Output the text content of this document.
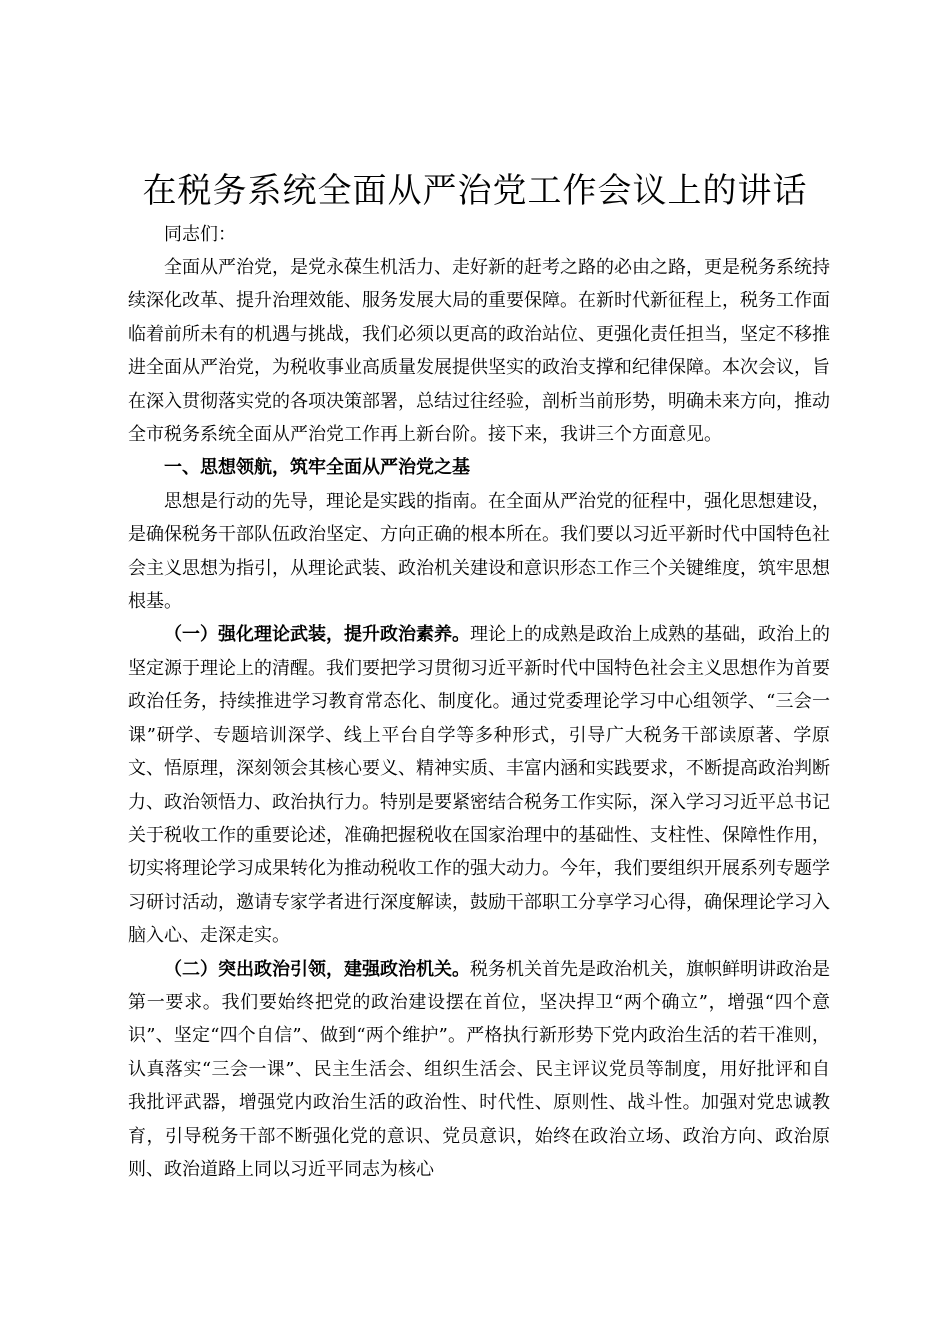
在税务系统全面从严治党工作会议上的讲话

同志们：

全面从严治党，是党永葆生机活力、走好新的赶考之路的必由之路，更是税务系统持续深化改革、提升治理效能、服务发展大局的重要保障。在新时代新征程上，税务工作面临着前所未有的机遇与挑战，我们必须以更高的政治站位、更强化责任担当，坚定不移推进全面从严治党，为税收事业高质量发展提供坚实的政治支撑和纪律保障。本次会议，旨在深入贯彻落实党的各项决策部署，总结过往经验，剖析当前形势，明确未来方向，推动全市税务系统全面从严治党工作再上新台阶。接下来，我讲三个方面意见。

一、思想领航，筑牢全面从严治党之基

思想是行动的先导，理论是实践的指南。在全面从严治党的征程中，强化思想建设，是确保税务干部队伍政治坚定、方向正确的根本所在。我们要以习近平新时代中国特色社会主义思想为指引，从理论武装、政治机关建设和意识形态工作三个关键维度，筑牢思想根基。

（一）强化理论武装，提升政治素养。理论上的成熟是政治上成熟的基础，政治上的坚定源于理论上的清醒。我们要把学习贯彻习近平新时代中国特色社会主义思想作为首要政治任务，持续推进学习教育常态化、制度化。通过党委理论学习中心组领学、“三会一课”研学、专题培训深学、线上平台自学等多种形式，引导广大税务干部读原著、学原文、悟原理，深刻领会其核心要义、精神实质、丰富内涵和实践要求，不断提高政治判断力、政治领悟力、政治执行力。特别是要紧密结合税务工作实际，深入学习习近平总书记关于税收工作的重要论述，准确把握税收在国家治理中的基础性、支柱性、保障性作用，切实将理论学习成果转化为推动税收工作的强大动力。今年，我们要组织开展系列专题学习研讨活动，邀请专家学者进行深度解读，鼓励干部职工分享学习心得，确保理论学习入脑入心、走深走实。

（二）突出政治引领，建强政治机关。税务机关首先是政治机关，旗帜鲜明讲政治是第一要求。我们要始终把党的政治建设摆在首位，坚决捍卫“两个确立”，增强“四个意识”、坚定“四个自信”、做到“两个维护”。严格执行新形势下党内政治生活的若干准则，认真落实“三会一课”、民主生活会、组织生活会、民主评议党员等制度，用好批评和自我批评武器，增强党内政治生活的政治性、时代性、原则性、战斗性。加强对党忠诚教育，引导税务干部不断强化党的意识、党员意识，始终在政治立场、政治方向、政治原则、政治道路上同以习近平同志为核心
